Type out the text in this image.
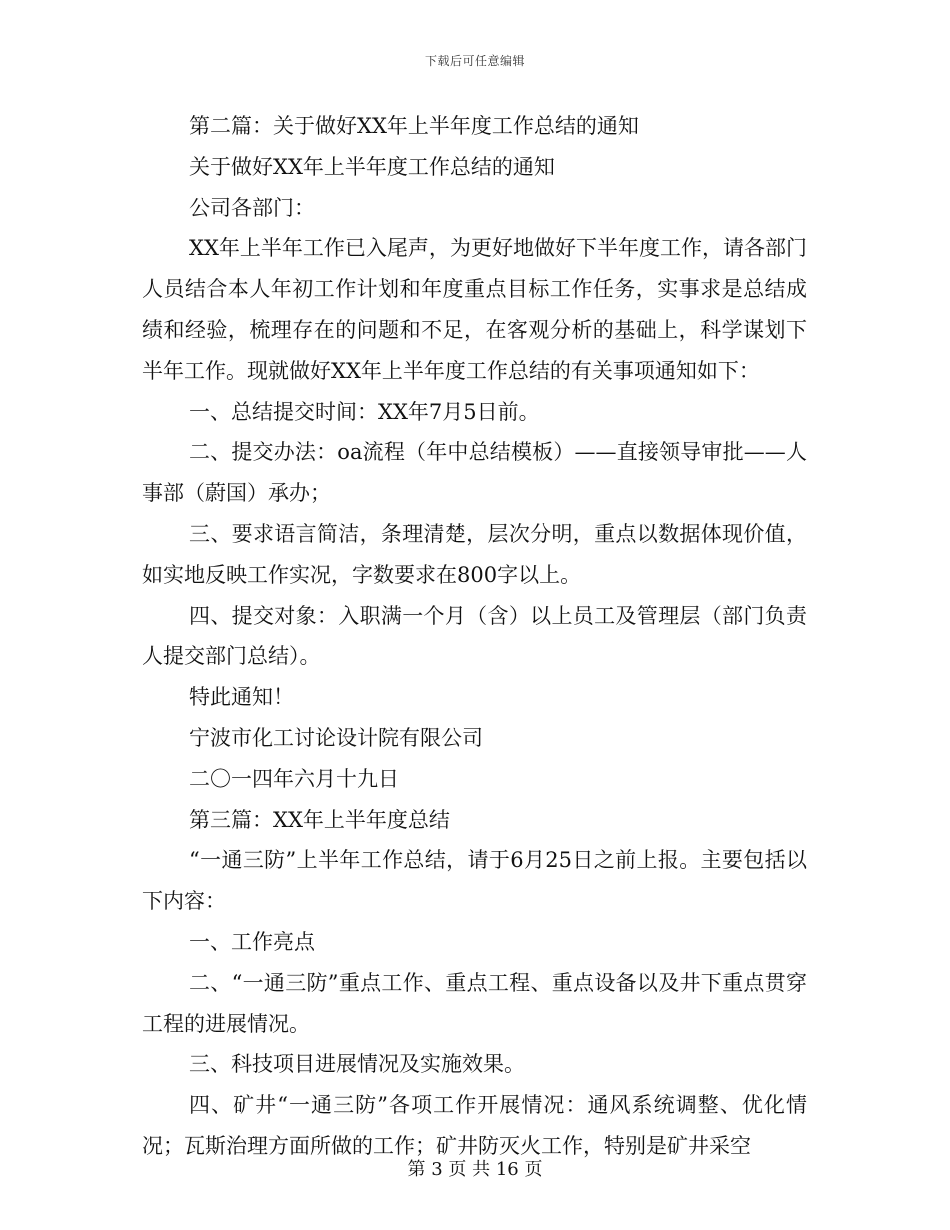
下载后可任意编辑
第二篇：关于做好XX年上半年度工作总结的通知
关于做好XX年上半年度工作总结的通知
公司各部门：
XX年上半年工作已入尾声，为更好地做好下半年度工作，请各部门人员结合本人年初工作计划和年度重点目标工作任务，实事求是总结成绩和经验，梳理存在的问题和不足，在客观分析的基础上，科学谋划下半年工作。现就做好XX年上半年度工作总结的有关事项通知如下：
一、总结提交时间：XX年7月5日前。
二、提交办法：oa流程（年中总结模板）——直接领导审批——人事部（蔚国）承办；
三、要求语言简洁，条理清楚，层次分明，重点以数据体现价值，如实地反映工作实况，字数要求在800字以上。
四、提交对象：入职满一个月（含）以上员工及管理层（部门负责人提交部门总结）。
特此通知！
宁波市化工讨论设计院有限公司
二〇一四年六月十九日
第三篇：XX年上半年度总结
“一通三防”上半年工作总结，请于6月25日之前上报。主要包括以下内容：
一、工作亮点
二、“一通三防”重点工作、重点工程、重点设备以及井下重点贯穿工程的进展情况。
三、科技项目进展情况及实施效果。
四、矿井“一通三防”各项工作开展情况：通风系统调整、优化情况；瓦斯治理方面所做的工作；矿井防灭火工作，特别是矿井采空
第 3 页 共 16 页
